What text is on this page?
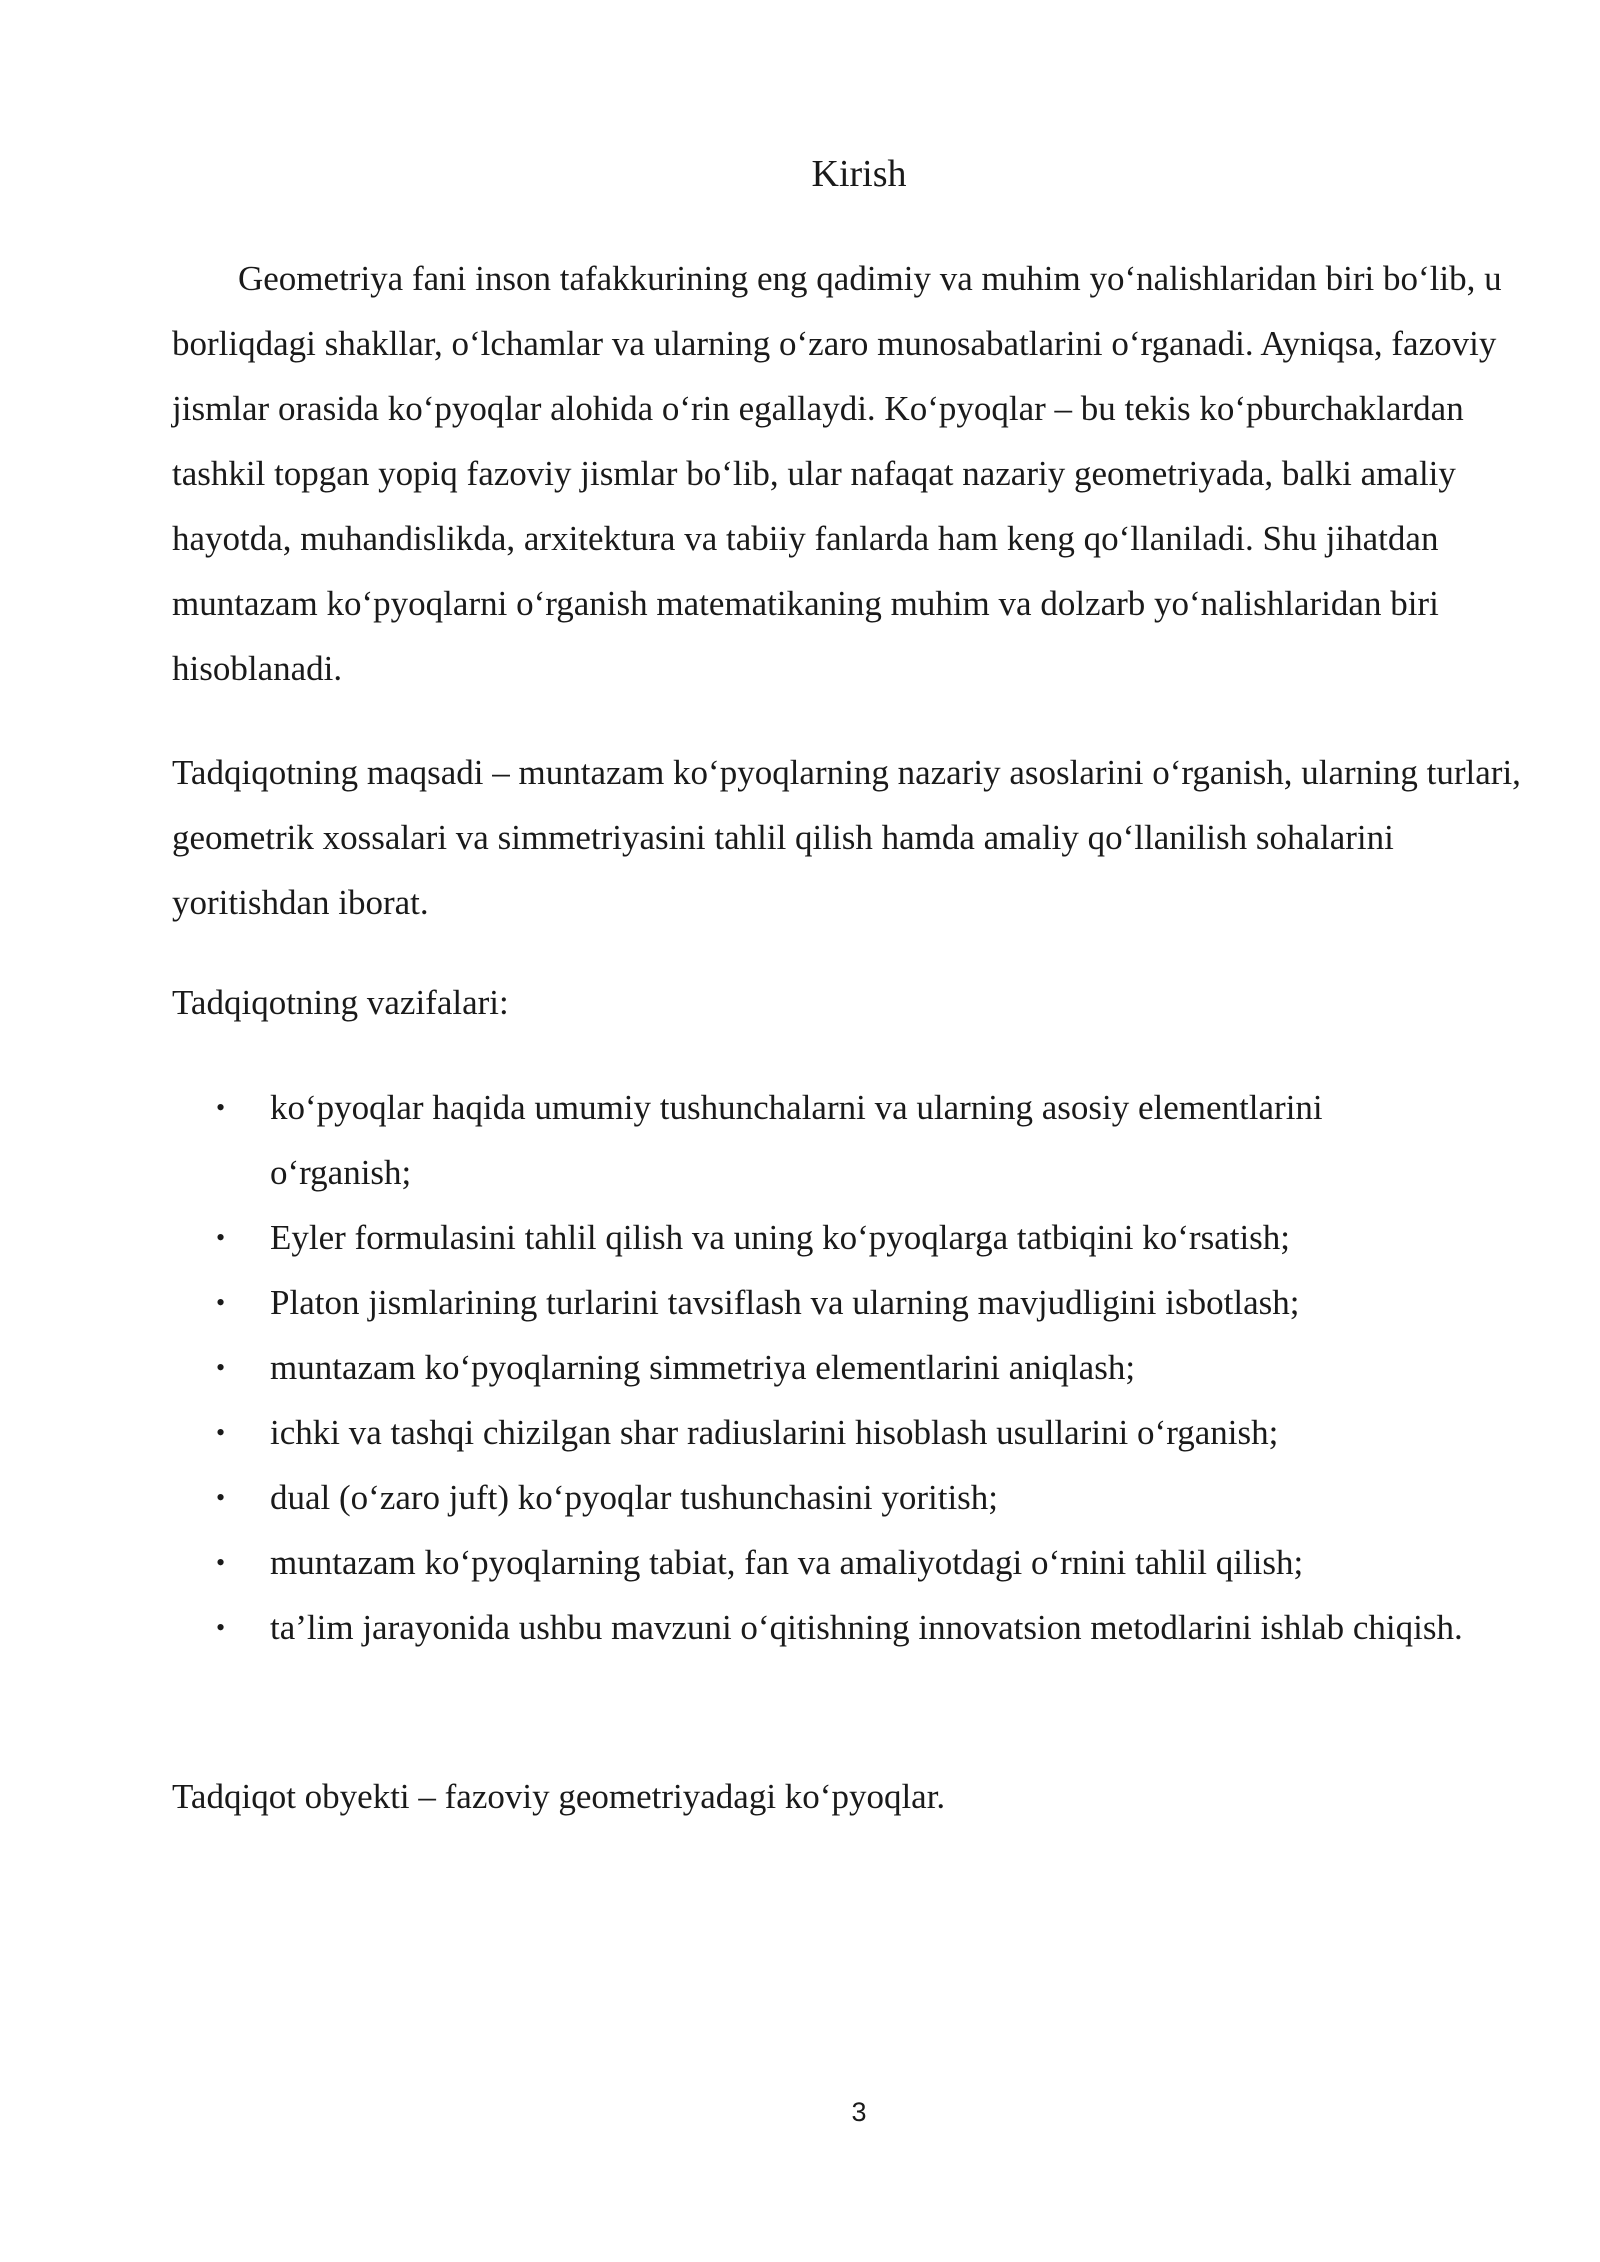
Kirish

Geometriya fani inson tafakkurining eng qadimiy va muhim yo‘nalishlaridan biri bo‘lib, u borliqdagi shakllar, o‘lchamlar va ularning o‘zaro munosabatlarini o‘rganadi. Ayniqsa, fazoviy jismlar orasida ko‘pyoqlar alohida o‘rin egallaydi. Ko‘pyoqlar – bu tekis ko‘pburchaklardan tashkil topgan yopiq fazoviy jismlar bo‘lib, ular nafaqat nazariy geometriyada, balki amaliy hayotda, muhandislikda, arxitektura va tabiiy fanlarda ham keng qo‘llaniladi. Shu jihatdan muntazam ko‘pyoqlarni o‘rganish matematikaning muhim va dolzarb yo‘nalishlaridan biri hisoblanadi.

Tadqiqotning maqsadi – muntazam ko‘pyoqlarning nazariy asoslarini o‘rganish, ularning turlari, geometrik xossalari va simmetriyasini tahlil qilish hamda amaliy qo‘llanilish sohalarini yoritishdan iborat.

Tadqiqotning vazifalari:

• ko‘pyoqlar haqida umumiy tushunchalarni va ularning asosiy elementlarini o‘rganish;
• Eyler formulasini tahlil qilish va uning ko‘pyoqlarga tatbiqini ko‘rsatish;
• Platon jismlarining turlarini tavsiflash va ularning mavjudligini isbotlash;
• muntazam ko‘pyoqlarning simmetriya elementlarini aniqlash;
• ichki va tashqi chizilgan shar radiuslarini hisoblash usullarini o‘rganish;
• dual (o‘zaro juft) ko‘pyoqlar tushunchasini yoritish;
• muntazam ko‘pyoqlarning tabiat, fan va amaliyotdagi o‘rnini tahlil qilish;
• ta’lim jarayonida ushbu mavzuni o‘qitishning innovatsion metodlarini ishlab chiqish.

Tadqiqot obyekti – fazoviy geometriyadagi ko‘pyoqlar.

3
